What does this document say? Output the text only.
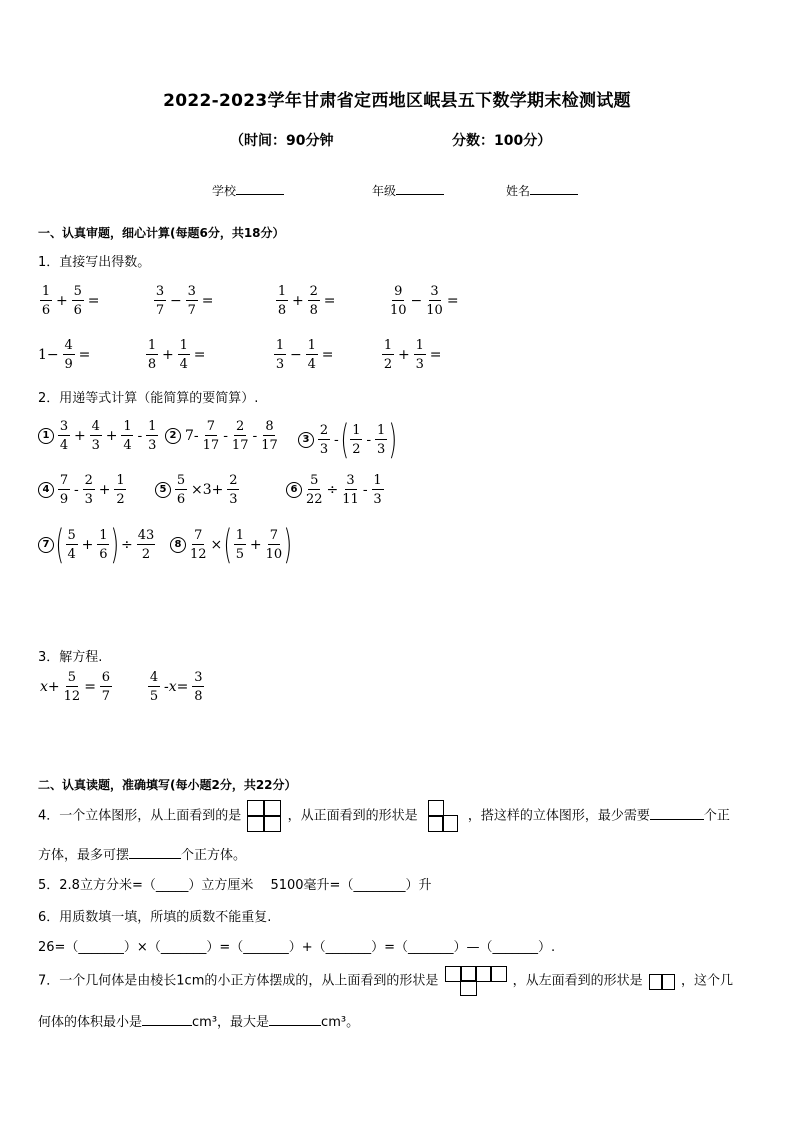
2022-2023学年甘肃省定西地区岷县五下数学期末检测试题
（时间：90分钟	分数：100分）
学校	年级	姓名
一、认真审题，细心计算(每题6分，共18分）
1．直接写出得数。
$\frac{1}{6} + \frac{5}{6}$ =	$\frac{3}{7} - \frac{3}{7}$ =	$\frac{1}{8} + \frac{2}{8}$ =	$\frac{9}{10} - \frac{3}{10}$ =
$1- \frac{4}{9}$ =	$\frac{1}{8} + \frac{1}{4}$ =	$\frac{1}{3} - \frac{1}{4}$ =	$\frac{1}{2} + \frac{1}{3}$ =
2．用递等式计算（能简算的要简算）.
$1 \frac{3}{4} + \frac{4}{3} + \frac{1}{4} - \frac{1}{3}$	2 $7- \frac{7}{17} - \frac{2}{17} - \frac{8}{17}$	$3 \frac{2}{3}$ - ( $\frac{1}{2} - \frac{1}{3}$ )
$4 \frac{7}{9} - \frac{2}{3} + \frac{1}{2}$	$5 \frac{5}{6} \times 3+ \frac{2}{3}$	$6 \frac{5}{22} \div \frac{3}{11} - \frac{1}{3}$
7 ( $\frac{5}{4} + \frac{1}{6}$ ) ÷ $\frac{43}{2}$	$8 \frac{7}{12}$ × ( $\frac{1}{5} + \frac{7}{10}$ )
3．解方程.
$x+ \frac{5}{12} = \frac{6}{7}$	$\frac{4}{5} -x= \frac{3}{8}$
二、认真读题，准确填写(每小题2分，共22分）
4．一个立体图形，从上面看到的是	，从正面看到的形状是	，搭这样的立体图形，最少需要	个正
方体，最多可摆	个正方体。
5．2.8立方分米=（_____）立方厘米　 5100毫升=（________）升
6．用质数填一填，所填的质数不能重复.
26=（_______）×（_______）=（_______）+（_______）=（_______）—（_______）.
7．一个几何体是由棱长1cm的小正方体摆成的，从上面看到的形状是	，从左面看到的形状是	，这个几
何体的体积最小是	cm³，最大是	cm³。
